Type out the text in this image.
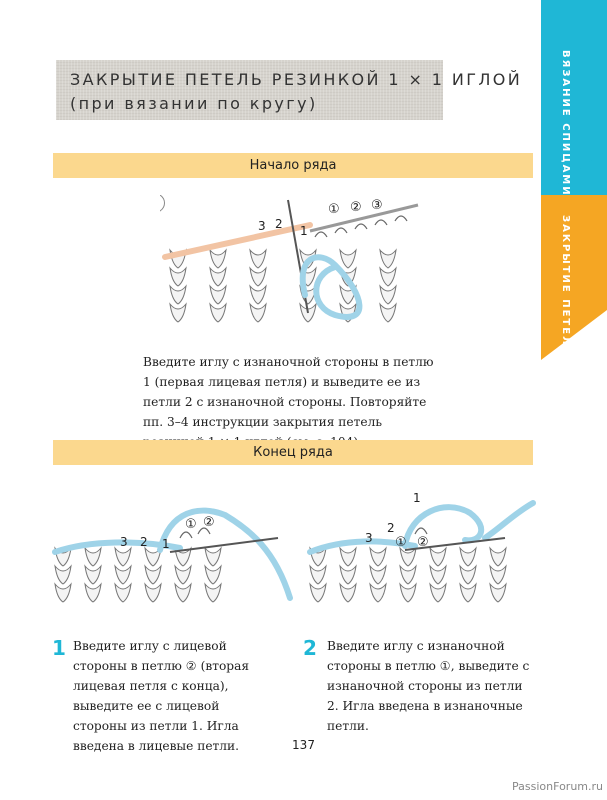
ВЯЗАНИЕ СПИЦАМИ
ЗАКРЫТИЕ ПЕТЕЛЬ
ЗАКРЫТИЕ ПЕТЕЛЬ РЕЗИНКОЙ 1 × 1 ИГЛОЙ
(при вязании по кругу)
Начало ряда
3 2 1
① ② ③
Введите иглу с изнаночной стороны в петлю 1 (первая лицевая петля) и выведите ее из петли 2 с изнаночной стороны. Повторяйте пп. 3–4 инструкции закрытия петель
Конец ряда
3 2 1
① ②
3
2
1
① ②
1 Введите иглу с лицевой стороны в петлю ② (вторая лицевая петля с конца), выведите ее с лицевой стороны из петли 1. Игла введена в лицевые петли.
2 Введите иглу с изнаночной стороны в петлю ①, выведите с изнаночной стороны из петли 2. Игла введена в изнаночные петли.
137
PassionForum.ru
